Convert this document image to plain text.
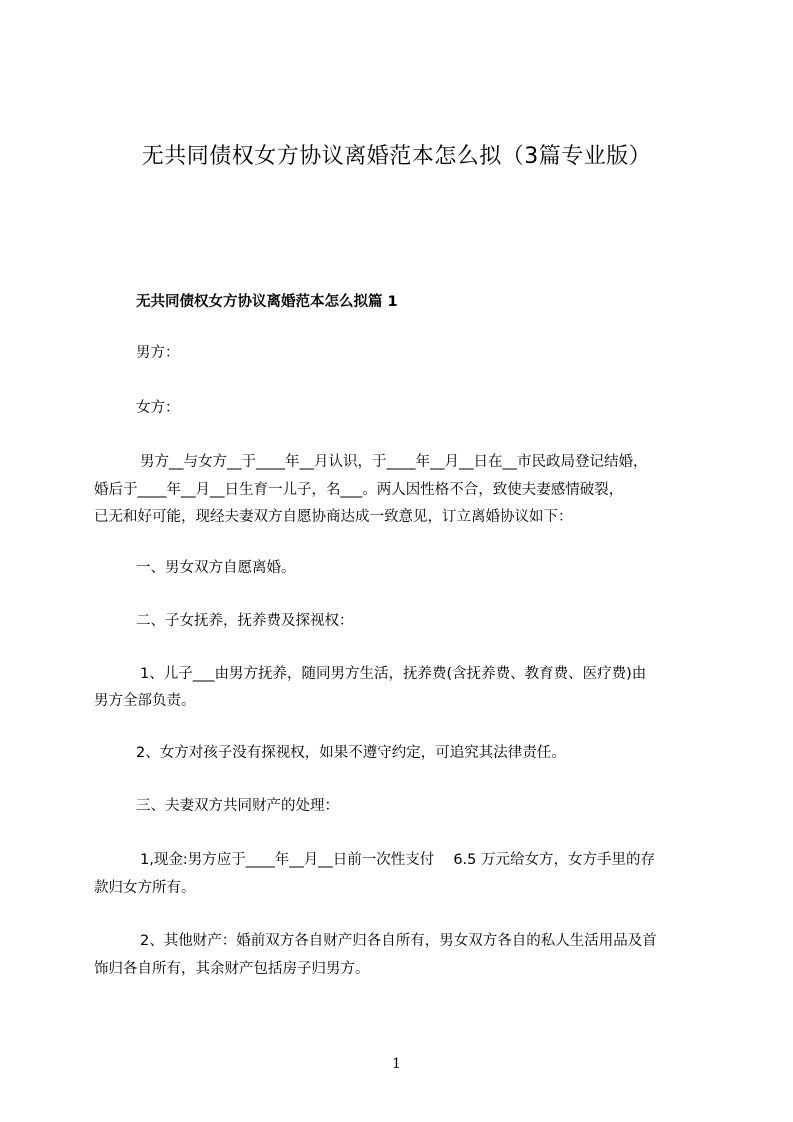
无共同债权女方协议离婚范本怎么拟（3篇专业版）
无共同债权女方协议离婚范本怎么拟篇 1
男方：
女方：
男方__与女方__于____年__月认识，于____年__月__日在__市民政局登记结婚，
婚后于____年__月__日生育一儿子，名___。两人因性格不合，致使夫妻感情破裂，
已无和好可能，现经夫妻双方自愿协商达成一致意见，订立离婚协议如下：
一、男女双方自愿离婚。
二、子女抚养，抚养费及探视权：
1、儿子___由男方抚养，随同男方生活，抚养费(含抚养费、教育费、医疗费)由
男方全部负责。
2、女方对孩子没有探视权，如果不遵守约定，可追究其法律责任。
三、夫妻双方共同财产的处理：
1,现金:男方应于____年__月__日前一次性支付　 6.5 万元给女方，女方手里的存
款归女方所有。
2、其他财产：婚前双方各自财产归各自所有，男女双方各自的私人生活用品及首
饰归各自所有，其余财产包括房子归男方。
1
